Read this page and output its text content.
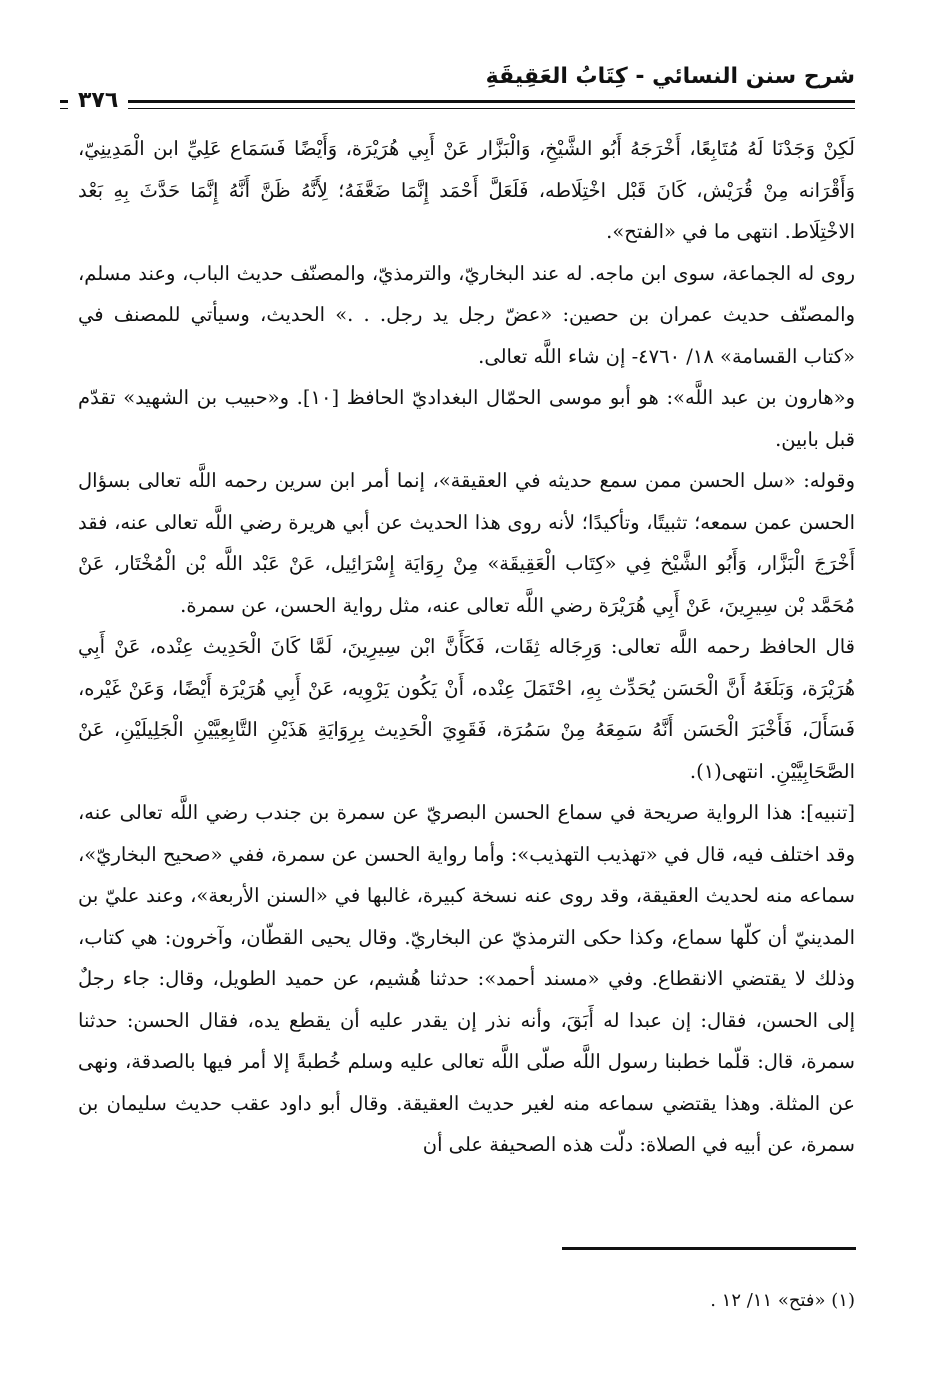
شرح سنن النسائي - كِتَابُ العَقِيقَةِ
٣٧٦

لَكِنْ وَجَدْنَا لَهُ مُتَابِعًا، أَخْرَجَهُ أَبُو الشَّيْخِ، وَالْبَزَّار عَنْ أَبِي هُرَيْرَة، وَأَيْضًا فَسَمَاع عَلِيِّ ابن الْمَدِينِيّ، وَأَقْرَانه مِنْ قُرَيْش، كَانَ قَبْل اخْتِلَاطه، فَلَعَلَّ أَحْمَد إِنَّمَا ضَعَّفَهُ؛ لِأَنَّهُ ظَنَّ أَنَّهُ إِنَّمَا حَدَّثَ بِهِ بَعْد الاخْتِلَاط. انتهى ما في «الفتح».

روى له الجماعة، سوى ابن ماجه. له عند البخاريّ، والترمذيّ، والمصنّف حديث الباب، وعند مسلم، والمصنّف حديث عمران بن حصين: «عضّ رجل يد رجل. . .» الحديث، وسيأتي للمصنف في «كتاب القسامة» ١٨/ ٤٧٦٠- إن شاء اللَّه تعالى.

و«هارون بن عبد اللَّه»: هو أبو موسى الحمّال البغداديّ الحافظ [١٠]. و«حبيب بن الشهيد» تقدّم قبل بابين.

وقوله: «سل الحسن ممن سمع حديثه في العقيقة»، إنما أمر ابن سرين رحمه اللَّه تعالى بسؤال الحسن عمن سمعه؛ تثبيتًا، وتأكيدًا؛ لأنه روى هذا الحديث عن أبي هريرة رضي اللَّه تعالى عنه، فقد أَخْرَجَ الْبَزَّار، وَأَبُو الشَّيْخ فِي «كِتَاب الْعَقِيقَة» مِنْ رِوَايَة إِسْرَائِيل، عَنْ عَبْد اللَّه بْن الْمُخْتَار، عَنْ مُحَمَّد بْن سِيرِينَ، عَنْ أَبِي هُرَيْرَة رضي اللَّه تعالى عنه، مثل رواية الحسن، عن سمرة.

قال الحافظ رحمه اللَّه تعالى: وَرِجَاله ثِقَات، فَكَأَنَّ ابْن سِيرِينَ، لَمَّا كَانَ الْحَدِيث عِنْده، عَنْ أَبِي هُرَيْرَة، وَبَلَغَهُ أَنَّ الْحَسَن يُحَدِّث بِهِ، احْتَمَلَ عِنْده، أَنْ يَكُون يَرْوِيه، عَنْ أَبِي هُرَيْرَة أَيْضًا، وَعَنْ غَيْره، فَسَأَلَ، فَأَخْبَرَ الْحَسَن أَنَّهُ سَمِعَهُ مِنْ سَمُرَة، فَقَوِيَ الْحَدِيث بِرِوَايَةِ هَذَيْنِ التَّابِعِيَّيْنِ الْجَلِيلَيْنِ، عَنْ الصَّحَابِيَّيْنِ. انتهى(١).

[تنبيه]: هذا الرواية صريحة في سماع الحسن البصريّ عن سمرة بن جندب رضي اللَّه تعالى عنه، وقد اختلف فيه، قال في «تهذيب التهذيب»: وأما رواية الحسن عن سمرة، ففي «صحيح البخاريّ»، سماعه منه لحديث العقيقة، وقد روى عنه نسخة كبيرة، غالبها في «السنن الأربعة»، وعند عليّ بن المدينيّ أن كلّها سماع، وكذا حكى الترمذيّ عن البخاريّ. وقال يحيى القطّان، وآخرون: هي كتاب، وذلك لا يقتضي الانقطاع. وفي «مسند أحمد»: حدثنا هُشيم، عن حميد الطويل، وقال: جاء رجلٌ إلى الحسن، فقال: إن عبدا له أَبَقَ، وأنه نذر إن يقدر عليه أن يقطع يده، فقال الحسن: حدثنا سمرة، قال: قلّما خطبنا رسول اللَّه صلّى اللَّه تعالى عليه وسلم خُطبةً إلا أمر فيها بالصدقة، ونهى عن المثلة. وهذا يقتضي سماعه منه لغير حديث العقيقة. وقال أبو داود عقب حديث سليمان بن سمرة، عن أبيه في الصلاة: دلّت هذه الصحيفة على أن

(١) «فتح» ١١/ ١٢ .
